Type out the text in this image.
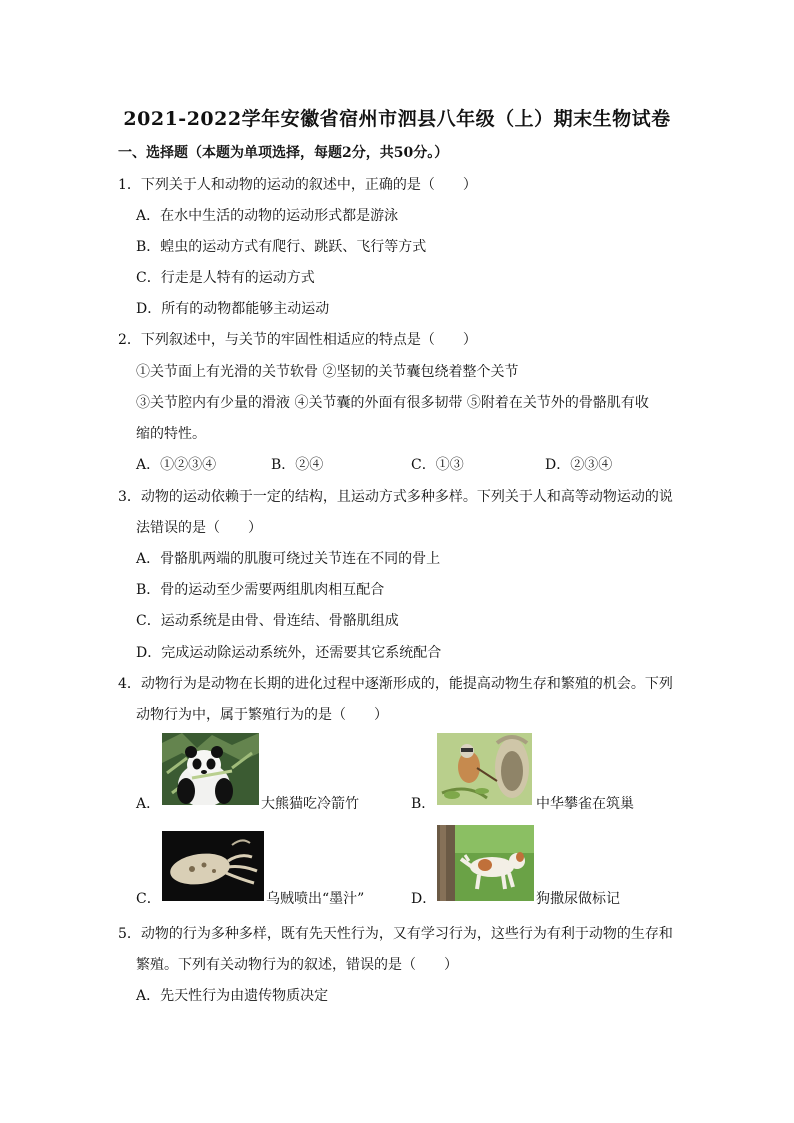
2021-2022学年安徽省宿州市泗县八年级（上）期末生物试卷
一、选择题（本题为单项选择，每题2分，共50分。）
1．下列关于人和动物的运动的叙述中，正确的是（　　）
A．在水中生活的动物的运动形式都是游泳
B．蝗虫的运动方式有爬行、跳跃、飞行等方式
C．行走是人特有的运动方式
D．所有的动物都能够主动运动
2．下列叙述中，与关节的牢固性相适应的特点是（　　）
①关节面上有光滑的关节软骨 ②坚韧的关节囊包绕着整个关节
③关节腔内有少量的滑液 ④关节囊的外面有很多韧带 ⑤附着在关节外的骨骼肌有收
缩的特性。
A．①②③④	B．②④	C．①③	D．②③④
3．动物的运动依赖于一定的结构，且运动方式多种多样。下列关于人和高等动物运动的说
法错误的是（　　）
A．骨骼肌两端的肌腹可绕过关节连在不同的骨上
B．骨的运动至少需要两组肌肉相互配合
C．运动系统是由骨、骨连结、骨骼肌组成
D．完成运动除运动系统外，还需要其它系统配合
4．动物行为是动物在长期的进化过程中逐渐形成的，能提高动物生存和繁殖的机会。下列
动物行为中，属于繁殖行为的是（　　）
A．	大熊猫吃冷箭竹	B．	中华攀雀在筑巢
C．	乌贼喷出“墨汁”	D．	狗撒尿做标记
5．动物的行为多种多样，既有先天性行为，又有学习行为，这些行为有利于动物的生存和
繁殖。下列有关动物行为的叙述，错误的是（　　）
A．先天性行为由遗传物质决定
